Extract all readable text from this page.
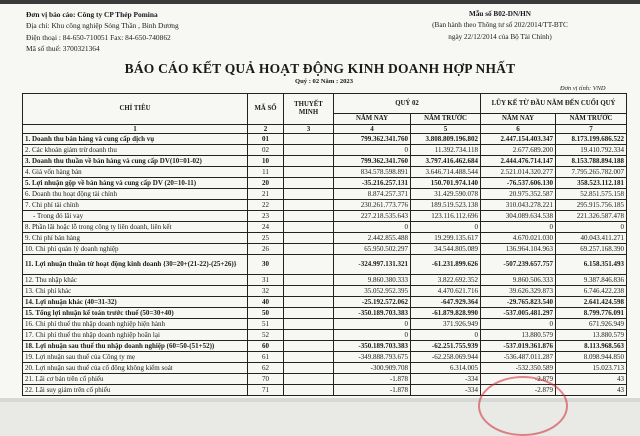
Đơn vị báo cáo: Công ty CP Thép Pomina
Địa chỉ: Khu công nghiệp Sóng Thần , Bình Dương
Điện thoại : 84-650-710051 Fax: 84-650-740862
Mã số thuế: 3700321364
Mẫu số B02-DN/HN
(Ban hành theo Thông tư số 202/2014/TT-BTC
ngày 22/12/2014 của Bộ Tài Chính)
BÁO CÁO KẾT QUẢ HOẠT ĐỘNG KINH DOANH HỢP NHẤT
Quý : 02 Năm : 2023
Đơn vị tính: VND
CHỈ TIÊU	MÃ SỐ	THUYẾT MINH	QUÝ 02		LŨY KẾ TỪ ĐẦU NĂM ĐẾN CUỐI QUÝ	
			NĂM NAY	NĂM TRƯỚC	NĂM NAY	NĂM TRƯỚC
1	2	3	4	5	6	7
1. Doanh thu bán hàng và cung cấp dịch vụ	01		799.362.341.760	3.808.809.196.802	2.447.154.403.347	8.173.199.686.522
2. Các khoản giảm trừ doanh thu	02		0	11.392.734.118	2.677.689.200	19.410.792.334
3. Doanh thu thuần về bán hàng và cung cấp DV(10=01-02)	10		799.362.341.760	3.797.416.462.684	2.444.476.714.147	8.153.788.894.188
4. Giá vốn hàng bán	11		834.578.598.891	3.646.714.488.544	2.521.014.320.277	7.795.265.782.007
5. Lợi nhuận gộp về bán hàng và cung cấp DV (20=10-11)	20		-35.216.257.131	150.701.974.140	-76.537.606.130	358.523.112.181
6. Doanh thu hoạt động tài chính	21		8.874.257.371	31.429.590.078	20.975.352.587	52.851.575.158
7. Chi phí tài chính	22		230.261.773.776	189.519.523.138	310.043.278.221	295.915.756.185
- Trong đó lãi vay	23		227.218.535.643	123.116.112.696	304.089.634.538	221.326.587.478
8. Phần lãi hoặc lỗ trong công ty liên doanh, liên kết	24		0	0	0	0
9. Chi phí bán hàng	25		2.442.855.488	19.299.135.617	4.670.021.030	40.043.411.271
10. Chi phí quản lý doanh nghiệp	26		65.950.502.297	34.544.805.089	136.964.104.963	69.257.168.390
11. Lợi nhuận thuần từ hoạt động kinh doanh {30=20+(21-22)-(25+26)}	30		-324.997.131.321	-61.231.899.626	-507.239.657.757	6.158.351.493
12. Thu nhập khác	31		9.860.380.333	3.822.692.352	9.860.506.333	9.387.846.836
13. Chi phí khác	32		35.052.952.395	4.470.621.716	39.626.329.873	6.746.422.238
14. Lợi nhuận khác (40=31-32)	40		-25.192.572.062	-647.929.364	-29.765.823.540	2.641.424.598
15. Tổng lợi nhuận kế toán trước thuế (50=30+40)	50		-350.189.703.383	-61.879.828.990	-537.005.481.297	8.799.776.091
16. Chi phí thuế thu nhập doanh nghiệp hiện hành	51		0	371.926.949	0	671.926.949
17. Chi phí thuế thu nhập doanh nghiệp hoãn lại	52		0	0	13.880.579	13.880.579
18. Lợi nhuận sau thuế thu nhập doanh nghiệp (60=50-(51+52))	60		-350.189.703.383	-62.251.755.939	-537.019.361.876	8.113.968.563
19. Lợi nhuận sau thuế của Công ty mẹ	61		-349.888.793.675	-62.258.069.944	-536.487.011.287	8.098.944.850
20. Lợi nhuận sau thuế của cổ đông không kiểm soát	62		-300.909.708	6.314.005	-532.350.589	15.023.713
21. Lãi cơ bản trên cổ phiếu	70		-1.878	-334	-2.879	43
22. Lãi suy giảm trên cổ phiếu	71		-1.878	-334	-2.879	43
